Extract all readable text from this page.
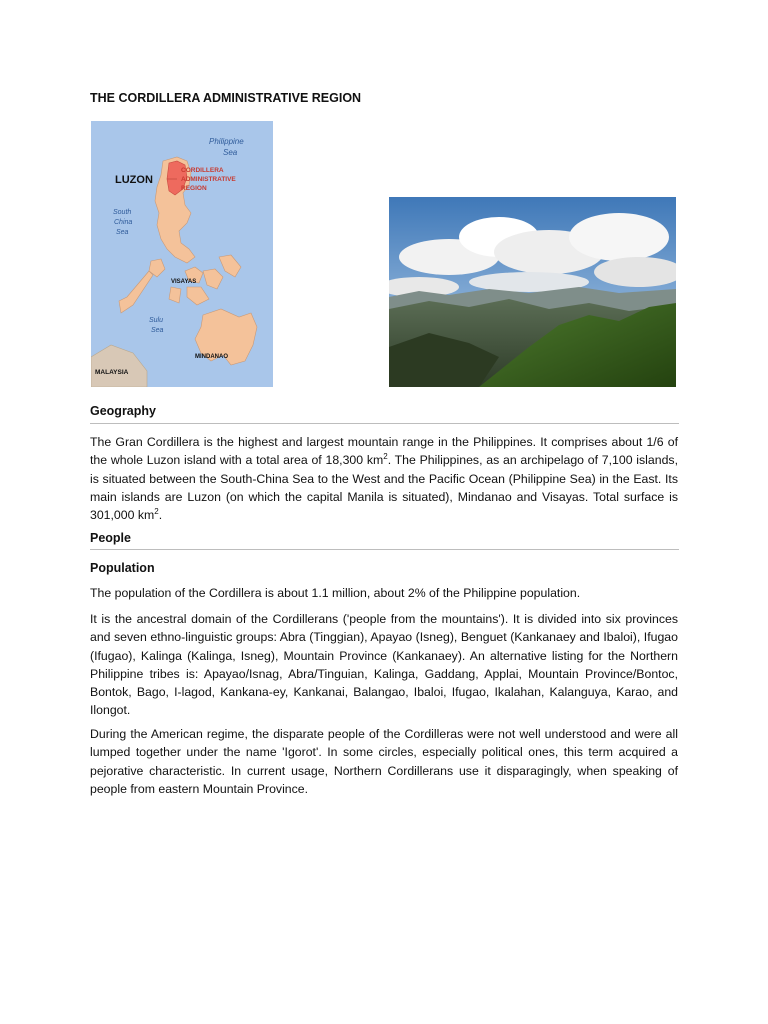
THE CORDILLERA ADMINISTRATIVE REGION
Philippine
Sea
LUZON
CORDILLERA
ADMINISTRATIVE
REGION
South
China
Sea
VISAYAS
Sulu
Sea
MINDANAO
MALAYSIA
Geography
The Gran Cordillera is the highest and largest mountain range in the Philippines. It comprises about 1/6 of the whole Luzon island with a total area of 18,300 $km^2$. The Philippines, as an archipelago of 7,100 islands, is situated between the South-China Sea to the West and the Pacific Ocean (Philippine Sea) in the East. Its main islands are Luzon (on which the capital Manila is situated), Mindanao and Visayas. Total surface is 301,000 $km^2$.
People
Population
The population of the Cordillera is about 1.1 million, about 2% of the Philippine population.
It is the ancestral domain of the Cordillerans ('people from the mountains'). It is divided into six provinces and seven ethno-linguistic groups: Abra (Tinggian), Apayao (Isneg), Benguet (Kankanaey and Ibaloi), Ifugao (Ifugao), Kalinga (Kalinga, Isneg), Mountain Province (Kankanaey). An alternative listing for the Northern Philippine tribes is: Apayao/Isnag, Abra/Tinguian, Kalinga, Gaddang, Applai, Mountain Province/Bontoc, Bontok, Bago, I-lagod, Kankana-ey, Kankanai, Balangao, Ibaloi, Ifugao, Ikalahan, Kalanguya, Karao, and Ilongot.
During the American regime, the disparate people of the Cordilleras were not well understood and were all lumped together under the name 'Igorot'. In some circles, especially political ones, this term acquired a pejorative characteristic. In current usage, Northern Cordillerans use it disparagingly, when speaking of people from eastern Mountain Province.
